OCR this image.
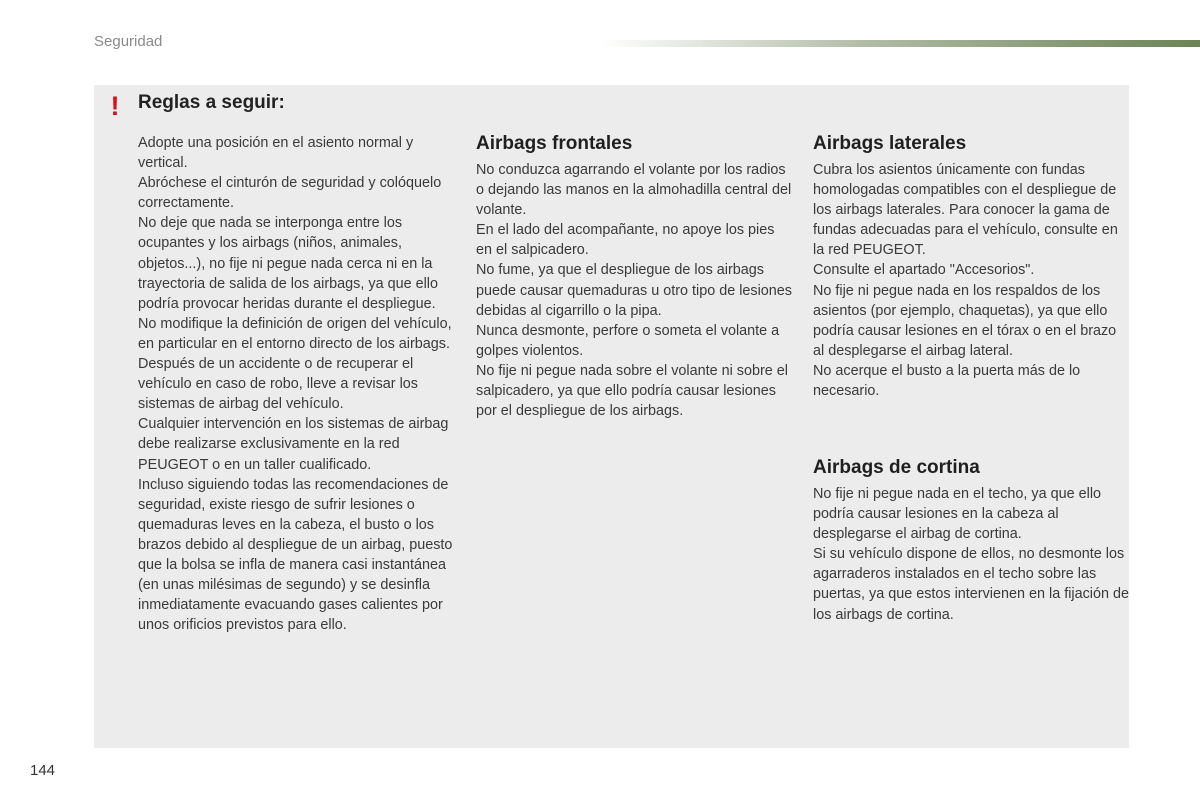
Seguridad
! Reglas a seguir:

Adopte una posición en el asiento normal y vertical.

Abróchese el cinturón de seguridad y colóquelo correctamente.

No deje que nada se interponga entre los ocupantes y los airbags (niños, animales, objetos...), no fije ni pegue nada cerca ni en la trayectoria de salida de los airbags, ya que ello podría provocar heridas durante el despliegue.

No modifique la definición de origen del vehículo, en particular en el entorno directo de los airbags.

Después de un accidente o de recuperar el vehículo en caso de robo, lleve a revisar los sistemas de airbag del vehículo.

Cualquier intervención en los sistemas de airbag debe realizarse exclusivamente en la red PEUGEOT o en un taller cualificado.

Incluso siguiendo todas las recomendaciones de seguridad, existe riesgo de sufrir lesiones o quemaduras leves en la cabeza, el busto o los brazos debido al despliegue de un airbag, puesto que la bolsa se infla de manera casi instantánea (en unas milésimas de segundo) y se desinfla inmediatamente evacuando gases calientes por unos orificios previstos para ello.

Airbags frontales

No conduzca agarrando el volante por los radios o dejando las manos en la almohadilla central del volante.

En el lado del acompañante, no apoye los pies en el salpicadero.

No fume, ya que el despliegue de los airbags puede causar quemaduras u otro tipo de lesiones debidas al cigarrillo o la pipa.

Nunca desmonte, perfore o someta el volante a golpes violentos.

No fije ni pegue nada sobre el volante ni sobre el salpicadero, ya que ello podría causar lesiones por el despliegue de los airbags.

Airbags laterales

Cubra los asientos únicamente con fundas homologadas compatibles con el despliegue de los airbags laterales. Para conocer la gama de fundas adecuadas para el vehículo, consulte en la red PEUGEOT.

Consulte el apartado "Accesorios".

No fije ni pegue nada en los respaldos de los asientos (por ejemplo, chaquetas), ya que ello podría causar lesiones en el tórax o en el brazo al desplegarse el airbag lateral.

No acerque el busto a la puerta más de lo necesario.

Airbags de cortina

No fije ni pegue nada en el techo, ya que ello podría causar lesiones en la cabeza al desplegarse el airbag de cortina.

Si su vehículo dispone de ellos, no desmonte los agarraderos instalados en el techo sobre las puertas, ya que estos intervienen en la fijación de los airbags de cortina.

144
